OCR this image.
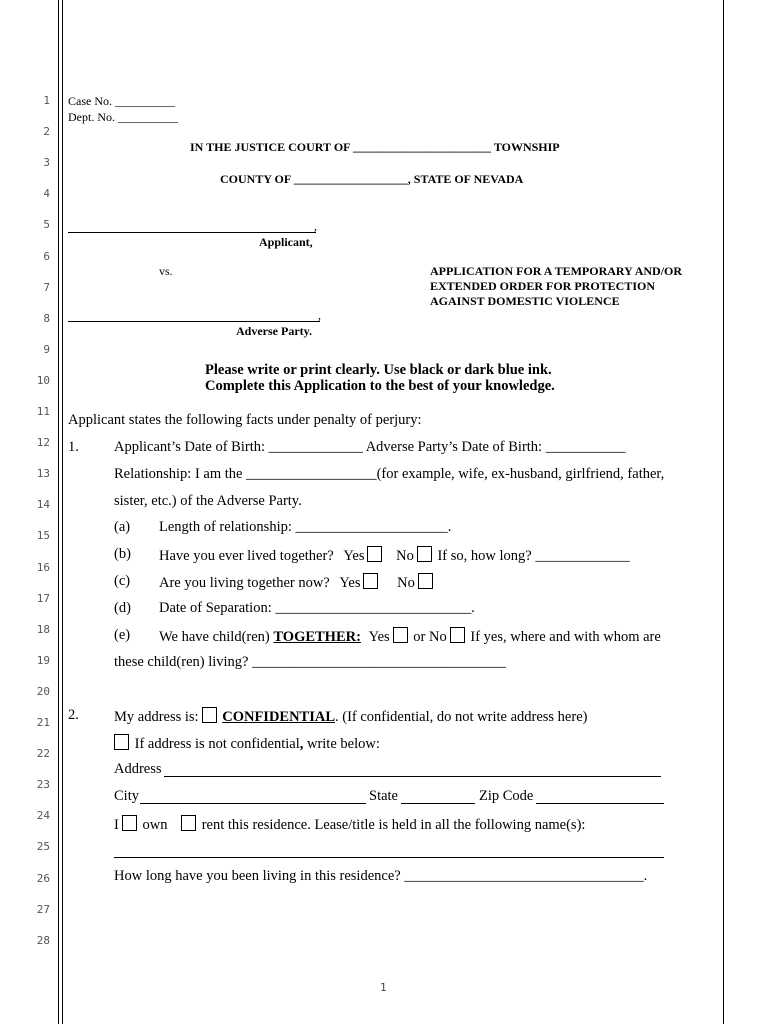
1
2
3
4
5
6
7
8
9
10
11
12
13
14
15
16
17
18
19
20
21
22
23
24
25
26
27
28
Case No. __________
Dept. No. __________
IN THE JUSTICE COURT OF _______________________ TOWNSHIP
COUNTY OF ___________________, STATE OF NEVADA
,
Applicant,
vs.	APPLICATION FOR A TEMPORARY AND/OR
EXTENDED ORDER FOR PROTECTION
AGAINST DOMESTIC VIOLENCE
,
Adverse Party.
Please write or print clearly. Use black or dark blue ink.
Complete this Application to the best of your knowledge.
Applicant states the following facts under penalty of perjury:
1. Applicant’s Date of Birth: _____________ Adverse Party’s Date of Birth: ___________
Relationship: I am the __________________(for example, wife, ex-husband, girlfriend, father,
sister, etc.) of the Adverse Party.
(a) Length of relationship: _____________________.
(b) Have you ever lived together? Yes No If so, how long? _____________
(c) Are you living together now? Yes	No
(d) Date of Separation: ___________________________.
(e) We have child(ren) TOGETHER: Yes or No If yes, where and with whom are
these child(ren) living? ___________________________________
2. My address is: CONFIDENTIAL. (If confidential, do not write address here)
If address is not confidential, write below:
Address
City	State	Zip Code
I own rent this residence. Lease/title is held in all the following name(s):
How long have you been living in this residence? _________________________________.
1
